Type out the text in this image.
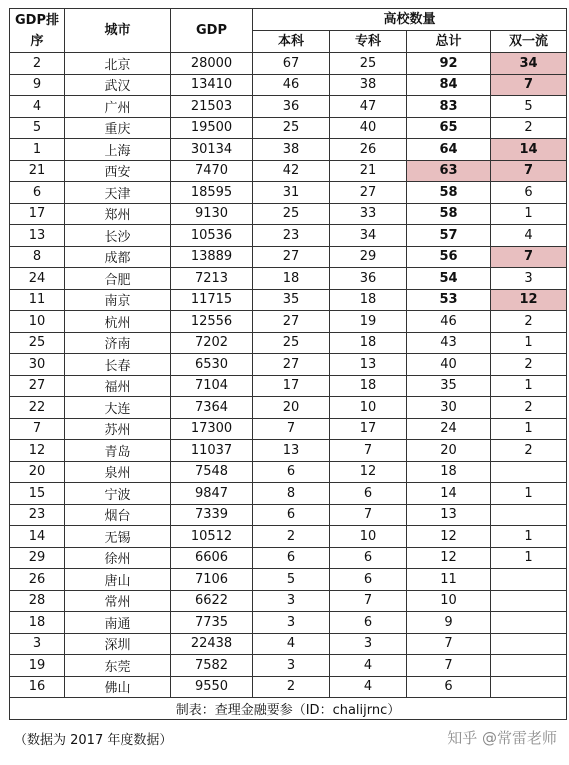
GDP排序	城市	GDP	高校数量			
			本科	专科	总计	双一流
2	北京	28000	67	25	92	34
9	武汉	13410	46	38	84	7
4	广州	21503	36	47	83	5
5	重庆	19500	25	40	65	2
1	上海	30134	38	26	64	14
21	西安	7470	42	21	63	7
6	天津	18595	31	27	58	6
17	郑州	9130	25	33	58	1
13	长沙	10536	23	34	57	4
8	成都	13889	27	29	56	7
24	合肥	7213	18	36	54	3
11	南京	11715	35	18	53	12
10	杭州	12556	27	19	46	2
25	济南	7202	25	18	43	1
30	长春	6530	27	13	40	2
27	福州	7104	17	18	35	1
22	大连	7364	20	10	30	2
7	苏州	17300	7	17	24	1
12	青岛	11037	13	7	20	2
20	泉州	7548	6	12	18	
15	宁波	9847	8	6	14	1
23	烟台	7339	6	7	13	
14	无锡	10512	2	10	12	1
29	徐州	6606	6	6	12	1
26	唐山	7106	5	6	11	
28	常州	6622	3	7	10	
18	南通	7735	3	6	9	
3	深圳	22438	4	3	7	
19	东莞	7582	3	4	7	
16	佛山	9550	2	4	6	
制表：查理金融要参（ID：chalijrnc）						
（数据为 2017 年度数据）	知乎 @常雷老师
